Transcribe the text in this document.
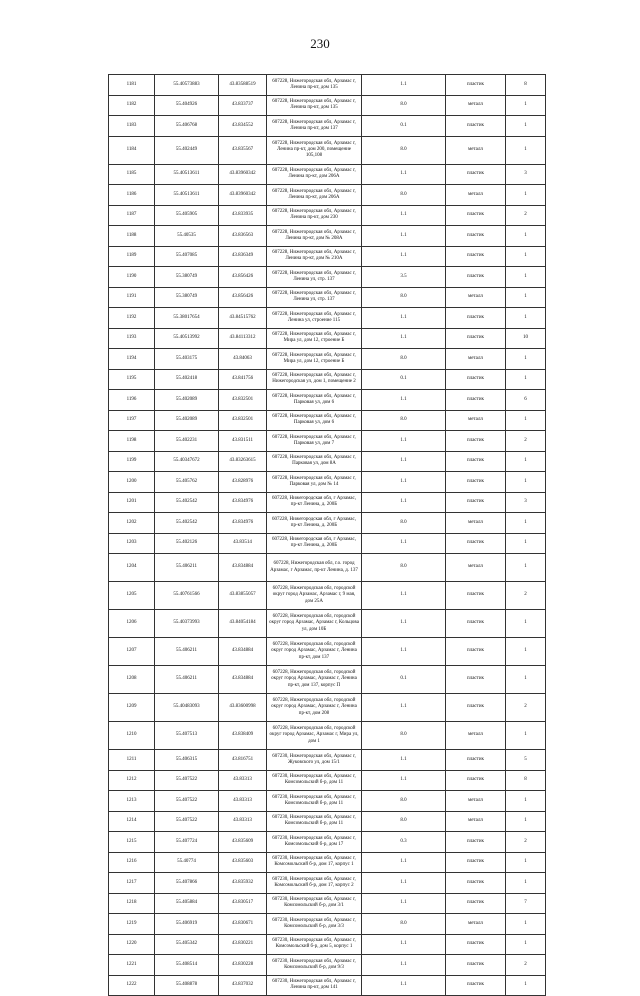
230
1181	55.40573883	43.83588519	607228, Нижегородская обл, Арзамас г, Ленина пр-кт, дом 135	1.1	пластик	8
1182	55.404926	43.833737	607228, Нижегородская обл, Арзамас г, Ленина пр-кт, дом 135	8.0	металл	1
1183	55.406768	43.834552	607228, Нижегородская обл, Арзамас г, Ленина пр-кт, дом 137	0.1	пластик	1
1184	55.402449	43.835567	607228, Нижегородская обл, Арзамас г, Ленина пр-кт, дом 200, помещение 105,108	8.0	металл	1
1185	55.40513611	43.83960342	607228, Нижегородская обл, Арзамас г, Ленина пр-кт, дом 206А	1.1	пластик	3
1186	55.40513611	43.83960342	607228, Нижегородская обл, Арзамас г, Ленина пр-кт, дом 206А	8.0	металл	1
1187	55.405905	43.833935	607228, Нижегородская обл, Арзамас г, Ленина пр-кт, дом 230	1.1	пластик	2
1188	55.40535	43.836563	607228, Нижегородская обл, Арзамас г, Ленина пр-кт, дом № 208А	1.1	пластик	1
1189	55.407085	43.836349	607228, Нижегородская обл, Арзамас г, Ленина пр-кт, дом № 210А	1.1	пластик	1
1190	55.380749	43.856426	607228, Нижегородская обл, Арзамас г, Ленина ул, стр. 137	3.5	пластик	1
1191	55.380749	43.856426	607228, Нижегородская обл, Арзамас г, Ленина ул, стр. 137	8.0	металл	1
1192	55.38017654	43.84515762	607228, Нижегородская обл, Арзамас г, Ленина ул, строение 115	1.1	пластик	1
1193	55.40513992	43.84113312	607228, Нижегородская обл, Арзамас г, Мира ул, дом 12, строение Б	1.1	пластик	10
1194	55.403175	43.84063	607228, Нижегородская обл, Арзамас г, Мира ул, дом 12, строение Б	8.0	металл	1
1195	55.402418	43.841756	607228, Нижегородская обл, Арзамас г, Нижегородская ул, дом 1, помещение 2	0.1	пластик	1
1196	55.402089	43.832501	607228, Нижегородская обл, Арзамас г, Парковая ул, дом 6	1.1	пластик	6
1197	55.402089	43.832501	607228, Нижегородская обл, Арзамас г, Парковая ул, дом 6	8.0	металл	1
1198	55.402231	43.831511	607228, Нижегородская обл, Арзамас г, Парковая ул, дом 7	1.1	пластик	2
1199	55.40347672	43.83263615	607228, Нижегородская обл, Арзамас г, Парковая ул, дом 8А	1.1	пластик	1
1200	55.405762	43.828976	607228, Нижегородская обл, Арзамас г, Парковая ул, дом № 14	1.1	пластик	1
1201	55.402542	43.834976	607228, Нижегородская обл, г Арзамас, пр-кт Ленина, д. 200Б	1.1	пластик	3
1202	55.402542	43.834976	607228, Нижегородская обл, г Арзамас, пр-кт Ленина, д. 200Б	8.0	металл	1
1203	55.402126	43.83514	607228, Нижегородская обл, г Арзамас, пр-кт Ленина, д. 200Б	1.1	пластик	1
1204	55.406211	43.834884	607228, Нижегородская обл, г.о. город Арзамас, г Арзамас, пр-кт Ленина, д. 137	8.0	металл	1
1205	55.40761566	43.83855057	607228, Нижегородская обл, городской округ город Арзамас, Арзамас г, 9 мая, дом 25А	1.1	пластик	2
1206	55.40373993	43.84054184	607228, Нижегородская обл, городской округ город Арзамас, Арзамас г, Кольцова ул, дом 10Б	1.1	пластик	1
1207	55.406211	43.834884	607228, Нижегородская обл, городской округ город Арзамас, Арзамас г, Ленина пр-кт, дом 137	1.1	пластик	1
1208	55.406211	43.834884	607228, Нижегородская обл, городской округ город Арзамас, Арзамас г, Ленина пр-кт, дом 137, корпус П	0.1	пластик	1
1209	55.40483093	43.83600998	607228, Нижегородская обл, городской округ город Арзамас, Арзамас г, Ленина пр-кт, дом 208	1.1	пластик	2
1210	55.407513	43.838409	607228, Нижегородская обл, городской округ город Арзамас, Арзамас г, Мира ул, дом 1	8.0	металл	1
1211	55.406315	43.816751	607230, Нижегородская обл, Арзамас г, Жуковского ул, дом 15/1	1.1	пластик	5
1212	55.407522	43.83313	607230, Нижегородская обл, Арзамас г, Комсомольский б-р, дом 11	1.1	пластик	8
1213	55.407522	43.83313	607230, Нижегородская обл, Арзамас г, Комсомольский б-р, дом 11	8.0	металл	1
1214	55.407522	43.83313	607230, Нижегородская обл, Арзамас г, Комсомольский б-р, дом 11	8.0	металл	1
1215	55.407724	43.835609	607230, Нижегородская обл, Арзамас г, Комсомольский б-р, дом 17	0.3	пластик	2
1216	55.40774	43.835603	607230, Нижегородская обл, Арзамас г, Комсомольский б-р, дом 17, корпус 1	1.1	пластик	1
1217	55.407866	43.835932	607230, Нижегородская обл, Арзамас г, Комсомольский б-р, дом 17, корпус 2	1.1	пластик	1
1218	55.405884	43.830517	607230, Нижегородская обл, Арзамас г, Комсомольский б-р, дом 3/1	1.1	пластик	7
1219	55.406919	43.830671	607230, Нижегородская обл, Арзамас г, Комсомольский б-р, дом 3/3	8.0	металл	1
1220	55.405342	43.830221	607230, Нижегородская обл, Арзамас г, Комсомольский б-р, дом 5, корпус 1	1.1	пластик	1
1221	55.408514	43.830228	607230, Нижегородская обл, Арзамас г, Комсомольский б-р, дом 9/3	1.1	пластик	2
1222	55.408878	43.837032	607230, Нижегородская обл, Арзамас г, Ленина пр-кт, дом 141	1.1	пластик	1
